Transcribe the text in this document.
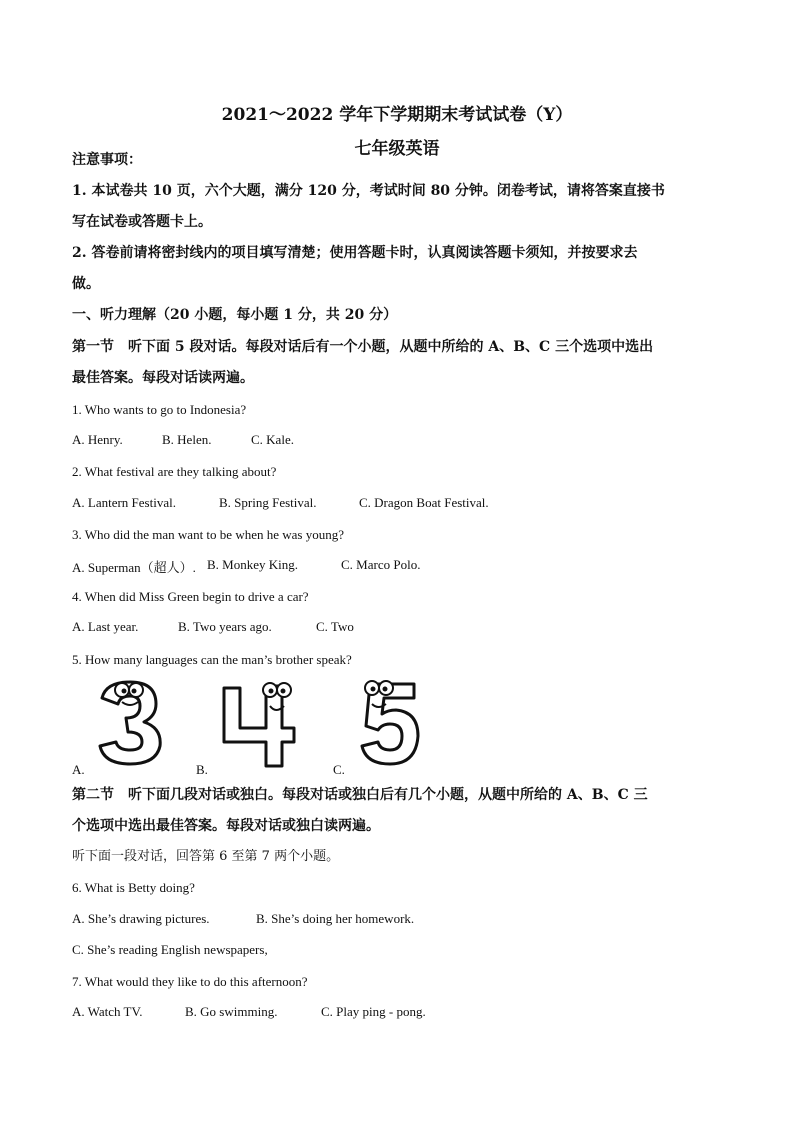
2021～2022 学年下学期期末考试试卷（Y）
七年级英语
注意事项：
1. 本试卷共 10 页，六个大题，满分 120 分，考试时间 80 分钟。闭卷考试，请将答案直接书
写在试卷或答题卡上。
2. 答卷前请将密封线内的项目填写清楚；使用答题卡时，认真阅读答题卡须知，并按要求去
做。
一、听力理解（20 小题，每小题 1 分，共 20 分）
第一节　听下面 5 段对话。每段对话后有一个小题，从题中所给的 A、B、C 三个选项中选出
最佳答案。每段对话读两遍。
1. Who wants to go to Indonesia?
A. Henry.	B. Helen.	C. Kale.
2. What festival are they talking about?
A. Lantern Festival.	B. Spring Festival.	C. Dragon Boat Festival.
3. Who did the man want to be when he was young?
A. Superman（超人）. B. Monkey King.	C. Marco Polo.
4. When did Miss Green begin to drive a car?
A. Last year.	B. Two years ago.	C. Two
5. How many languages can the man’s brother speak?
3
4	5
A.	B.	C.
第二节　听下面几段对话或独白。每段对话或独白后有几个小题，从题中所给的 A、B、C 三
个选项中选出最佳答案。每段对话或独白读两遍。
听下面一段对话，回答第 6 至第 7 两个小题。
6. What is Betty doing?
A. She’s drawing pictures.	B. She’s doing her homework.
C. She’s reading English newspapers,
7. What would they like to do this afternoon?
A. Watch TV.	B. Go swimming.	C. Play ping - pong.
